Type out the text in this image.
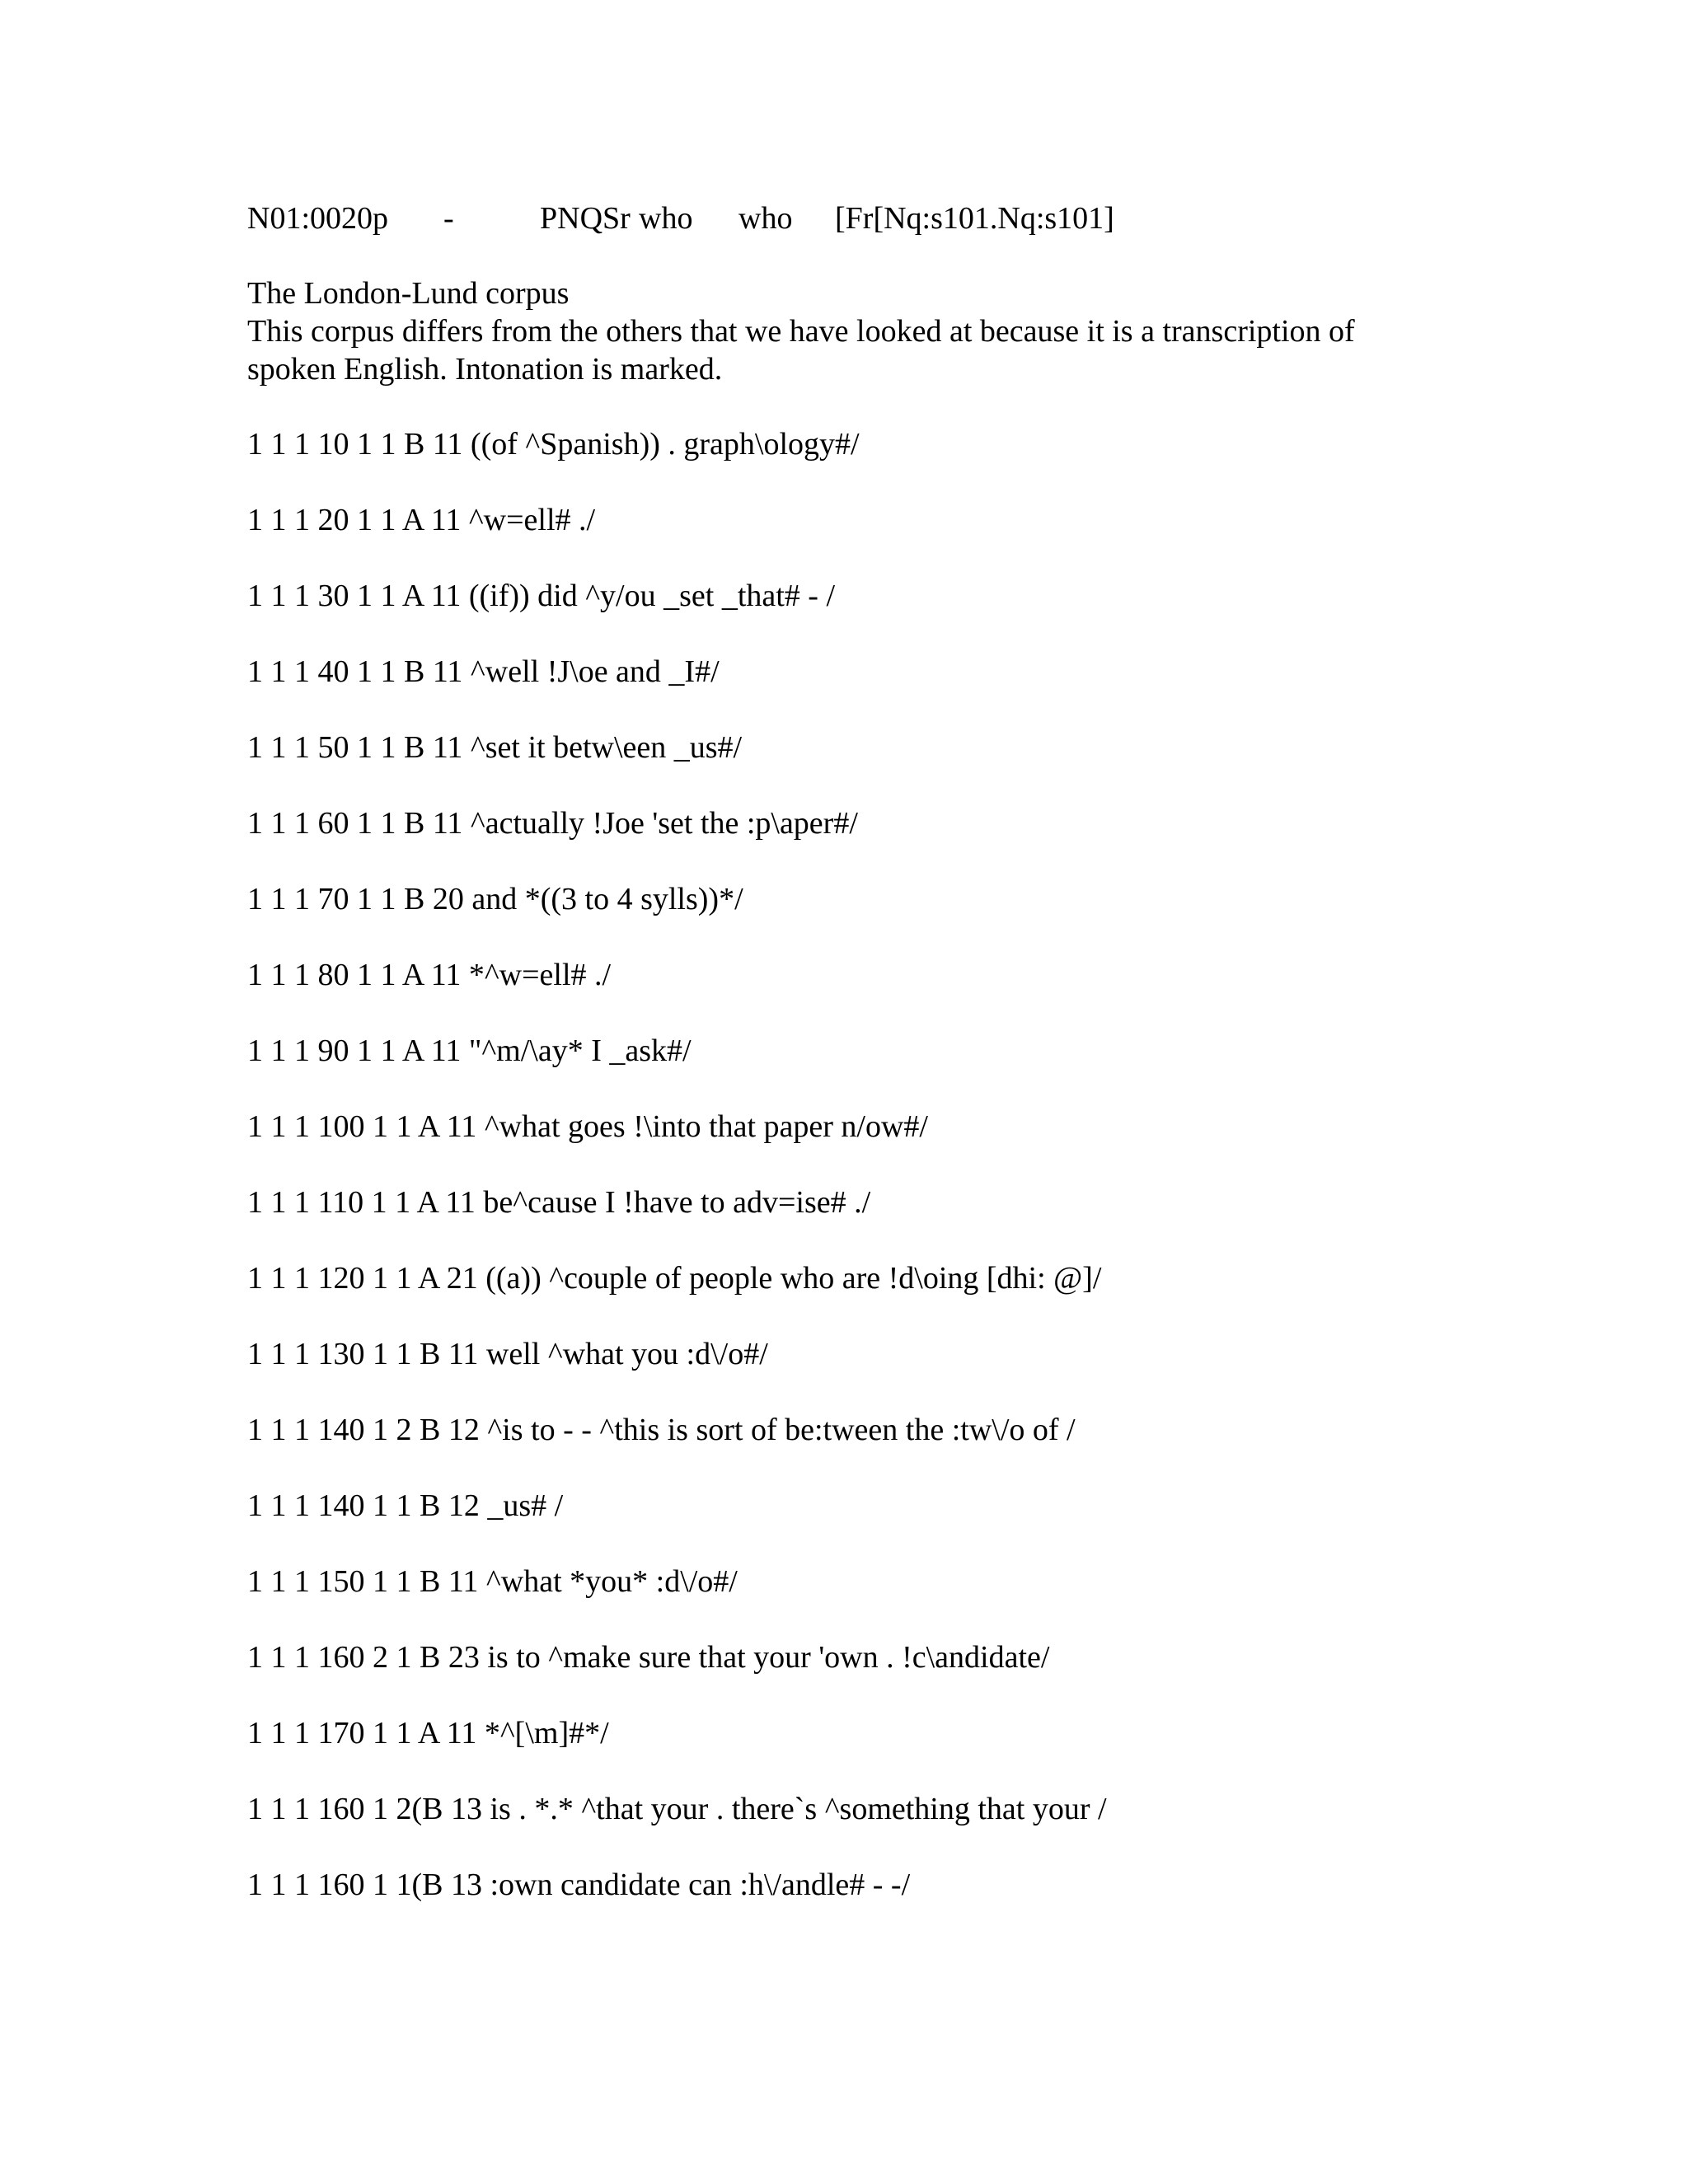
N01:0020p

-

	PNQSr

who

who

[Fr[Nq:s101.Nq:s101]

The London-Lund corpus

This corpus differs from the others that we have looked at because it is a transcription of spoken English. Intonation is marked.

1 1 1 10 1 1 B 11 ((of ^Spanish)) . graph\ology#/
1 1 1 20 1 1 A 11 ^w=ell# ./
1 1 1 30 1 1 A 11 ((if)) did ^y/ou _set _that# - /
1 1 1 40 1 1 B 11 ^well !J\oe and _I#/
1 1 1 50 1 1 B 11 ^set it betw\een _us#/
1 1 1 60 1 1 B 11 ^actually !Joe 'set the :p\aper#/
1 1 1 70 1 1 B 20 and *((3 to 4 sylls))*/
1 1 1 80 1 1 A 11 *^w=ell# ./
1 1 1 90 1 1 A 11 "^m/\ay* I _ask#/
1 1 1 100 1 1 A 11 ^what goes !\into that paper n/ow#/
1 1 1 110 1 1 A 11 be^cause I !have to adv=ise# ./
1 1 1 120 1 1 A 21 ((a)) ^couple of people who are !d\oing [dhi: @]/
1 1 1 130 1 1 B 11 well ^what you :d\/o#/
1 1 1 140 1 2 B 12 ^is to - - ^this is sort of be:tween the :tw\/o of /
1 1 1 140 1 1 B 12 _us# /
1 1 1 150 1 1 B 11 ^what *you* :d\/o#/
1 1 1 160 2 1 B 23 is to ^make sure that your 'own . !c\andidate/
1 1 1 170 1 1 A 11 *^[\m]#*/
1 1 1 160 1 2(B 13 is . *.* ^that your . there`s ^something that your /
1 1 1 160 1 1(B 13 :own candidate can :h\/andle# - -/
